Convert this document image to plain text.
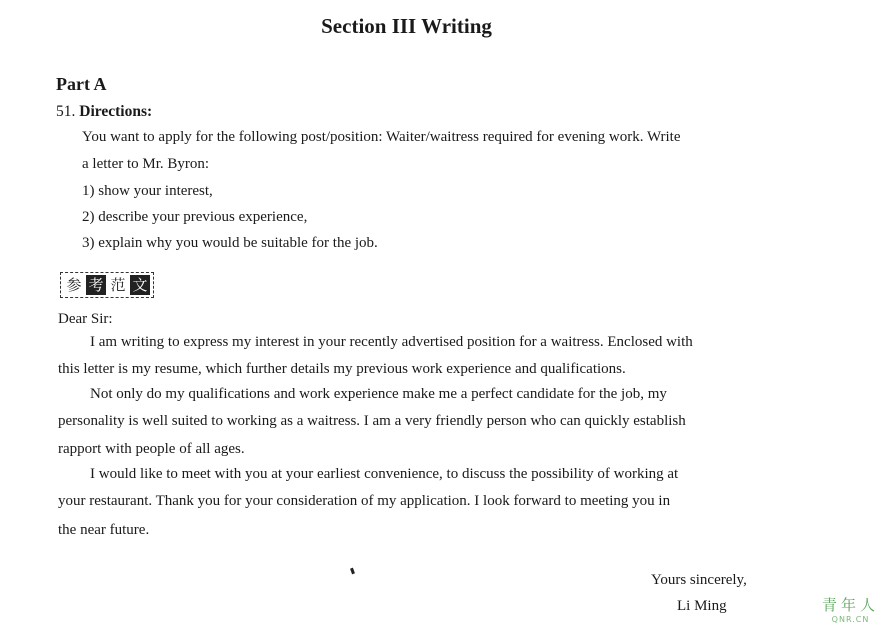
Section III Writing
Part A
51. Directions:
You want to apply for the following post/position: Waiter/waitress required for evening work. Write
a letter to Mr. Byron:
1) show your interest,
2) describe your previous experience,
3) explain why you would be suitable for the job.
参 考 范 文
Dear Sir:
I am writing to express my interest in your recently advertised position for a waitress. Enclosed with
this letter is my resume, which further details my previous work experience and qualifications.
Not only do my qualifications and work experience make me a perfect candidate for the job, my
personality is well suited to working as a waitress. I am a very friendly person who can quickly establish
rapport with people of all ages.
I would like to meet with you at your earliest convenience, to discuss the possibility of working at
your restaurant. Thank you for your consideration of my application. I look forward to meeting you in
the near future.
Yours sincerely,
Li Ming	青年人
QNR.CN
